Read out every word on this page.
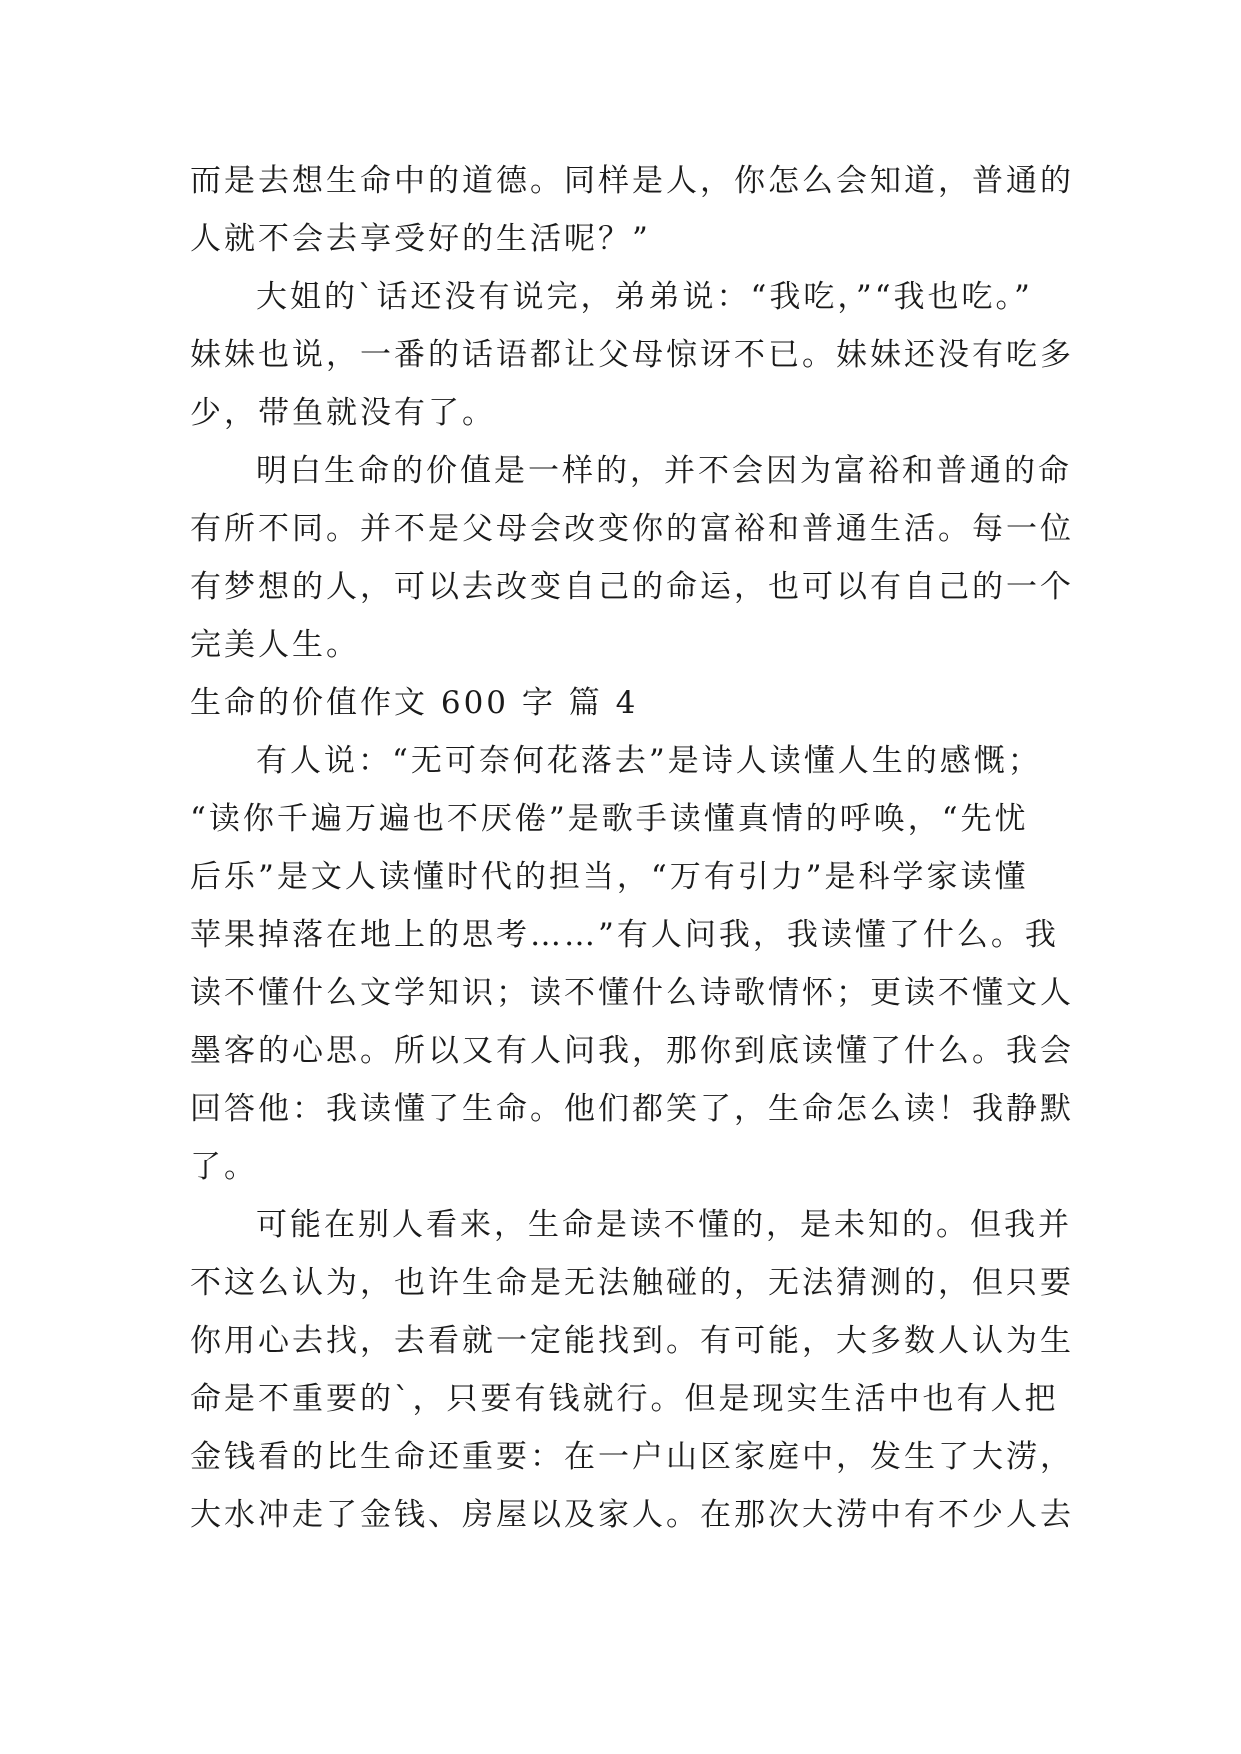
而是去想生命中的道德。同样是人，你怎么会知道，普通的
人就不会去享受好的生活呢？”
大姐的`话还没有说完，弟弟说：“我吃，”“我也吃。”
妹妹也说，一番的话语都让父母惊讶不已。妹妹还没有吃多
少，带鱼就没有了。
明白生命的价值是一样的，并不会因为富裕和普通的命
有所不同。并不是父母会改变你的富裕和普通生活。每一位
有梦想的人，可以去改变自己的命运，也可以有自己的一个
完美人生。
生命的价值作文 600 字 篇 4
有人说：“无可奈何花落去”是诗人读懂人生的感慨；
“读你千遍万遍也不厌倦”是歌手读懂真情的呼唤，“先忧
后乐”是文人读懂时代的担当，“万有引力”是科学家读懂
苹果掉落在地上的思考……”有人问我，我读懂了什么。我
读不懂什么文学知识；读不懂什么诗歌情怀；更读不懂文人
墨客的心思。所以又有人问我，那你到底读懂了什么。我会
回答他：我读懂了生命。他们都笑了，生命怎么读！我静默
了。
可能在别人看来，生命是读不懂的，是未知的。但我并
不这么认为，也许生命是无法触碰的，无法猜测的，但只要
你用心去找，去看就一定能找到。有可能，大多数人认为生
命是不重要的`，只要有钱就行。但是现实生活中也有人把
金钱看的比生命还重要：在一户山区家庭中，发生了大涝，
大水冲走了金钱、房屋以及家人。在那次大涝中有不少人去
